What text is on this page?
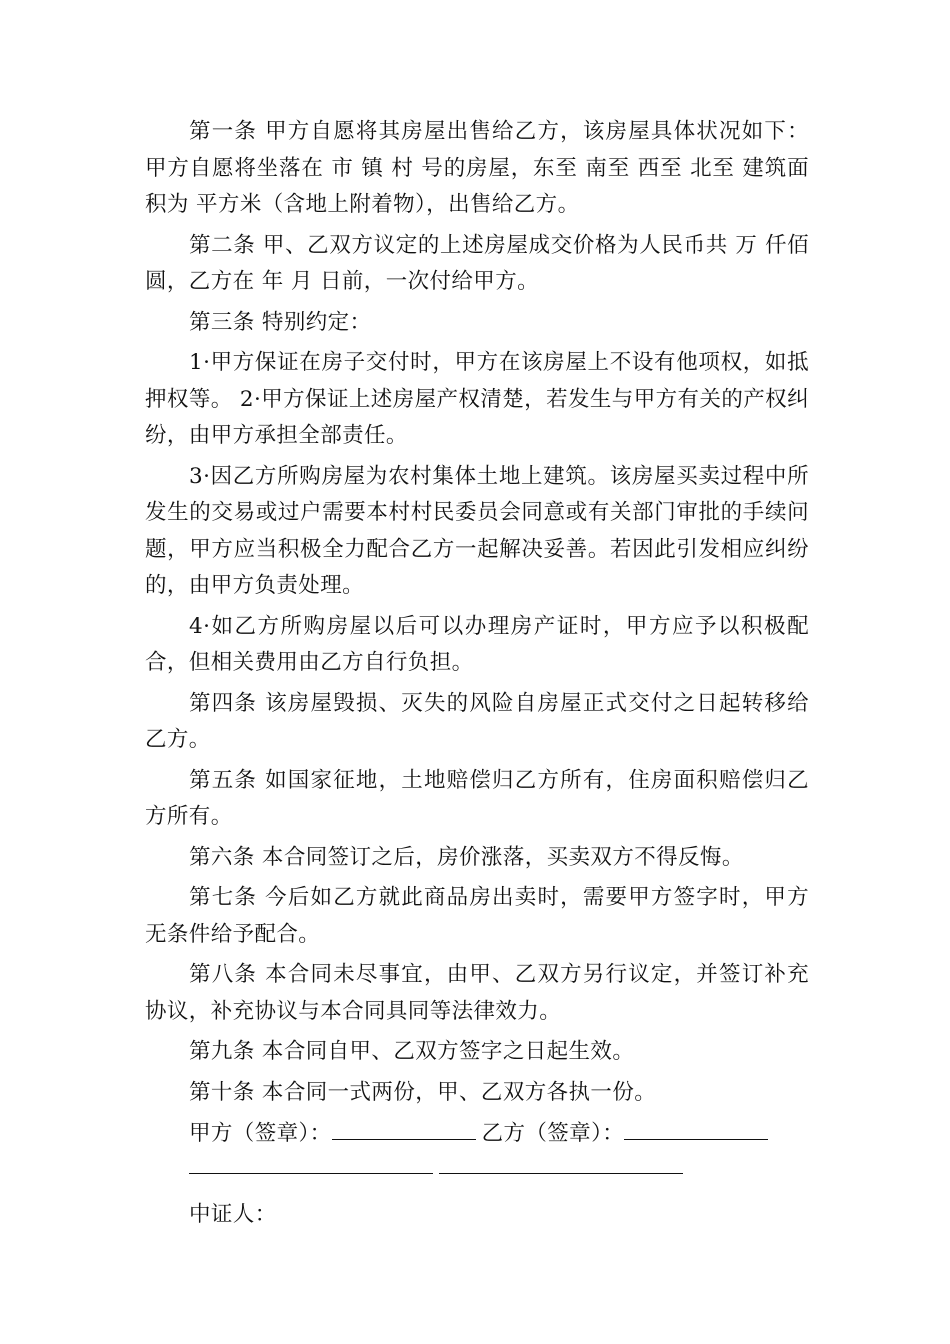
第一条 甲方自愿将其房屋出售给乙方，该房屋具体状况如下：甲方自愿将坐落在 市 镇 村 号的房屋，东至 南至 西至 北至 建筑面积为 平方米（含地上附着物），出售给乙方。

第二条 甲、乙双方议定的上述房屋成交价格为人民币共 万 仟佰圆，乙方在 年 月 日前，一次付给甲方。

第三条 特别约定：

1·甲方保证在房子交付时，甲方在该房屋上不设有他项权，如抵押权等。 2·甲方保证上述房屋产权清楚，若发生与甲方有关的产权纠纷，由甲方承担全部责任。

3·因乙方所购房屋为农村集体土地上建筑。该房屋买卖过程中所发生的交易或过户需要本村村民委员会同意或有关部门审批的手续问题，甲方应当积极全力配合乙方一起解决妥善。若因此引发相应纠纷的，由甲方负责处理。

4·如乙方所购房屋以后可以办理房产证时，甲方应予以积极配合，但相关费用由乙方自行负担。

第四条 该房屋毁损、灭失的风险自房屋正式交付之日起转移给乙方。

第五条 如国家征地，土地赔偿归乙方所有，住房面积赔偿归乙方所有。

第六条 本合同签订之后，房价涨落，买卖双方不得反悔。

第七条 今后如乙方就此商品房出卖时，需要甲方签字时，甲方无条件给予配合。

第八条 本合同未尽事宜，由甲、乙双方另行议定，并签订补充协议，补充协议与本合同具同等法律效力。

第九条 本合同自甲、乙双方签字之日起生效。

第十条 本合同一式两份，甲、乙双方各执一份。

甲方（签章）：	乙方（签章）：
中证人：
